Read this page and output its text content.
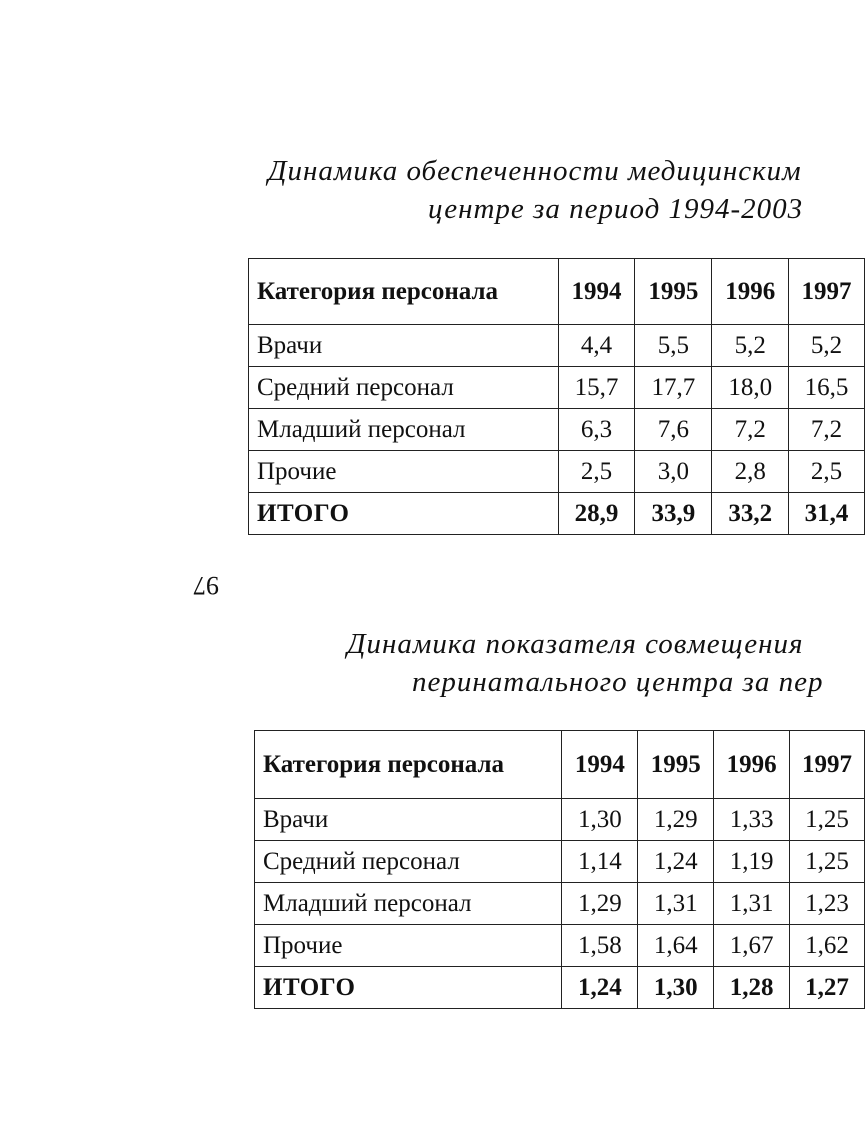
Динамика обеспеченности медицинским
центре за период 1994-2003
Категория персонала	1994	1995	1996	1997
Врачи	4,4	5,5	5,2	5,2
Средний персонал	15,7	17,7	18,0	16,5
Младший персонал	6,3	7,6	7,2	7,2
Прочие	2,5	3,0	2,8	2,5
ИТОГО	28,9	33,9	33,2	31,4
97
Динамика показателя совмещения
перинатального центра за пер
Категория персонала	1994	1995	1996	1997
Врачи	1,30	1,29	1,33	1,25
Средний персонал	1,14	1,24	1,19	1,25
Младший персонал	1,29	1,31	1,31	1,23
Прочие	1,58	1,64	1,67	1,62
ИТОГО	1,24	1,30	1,28	1,27
